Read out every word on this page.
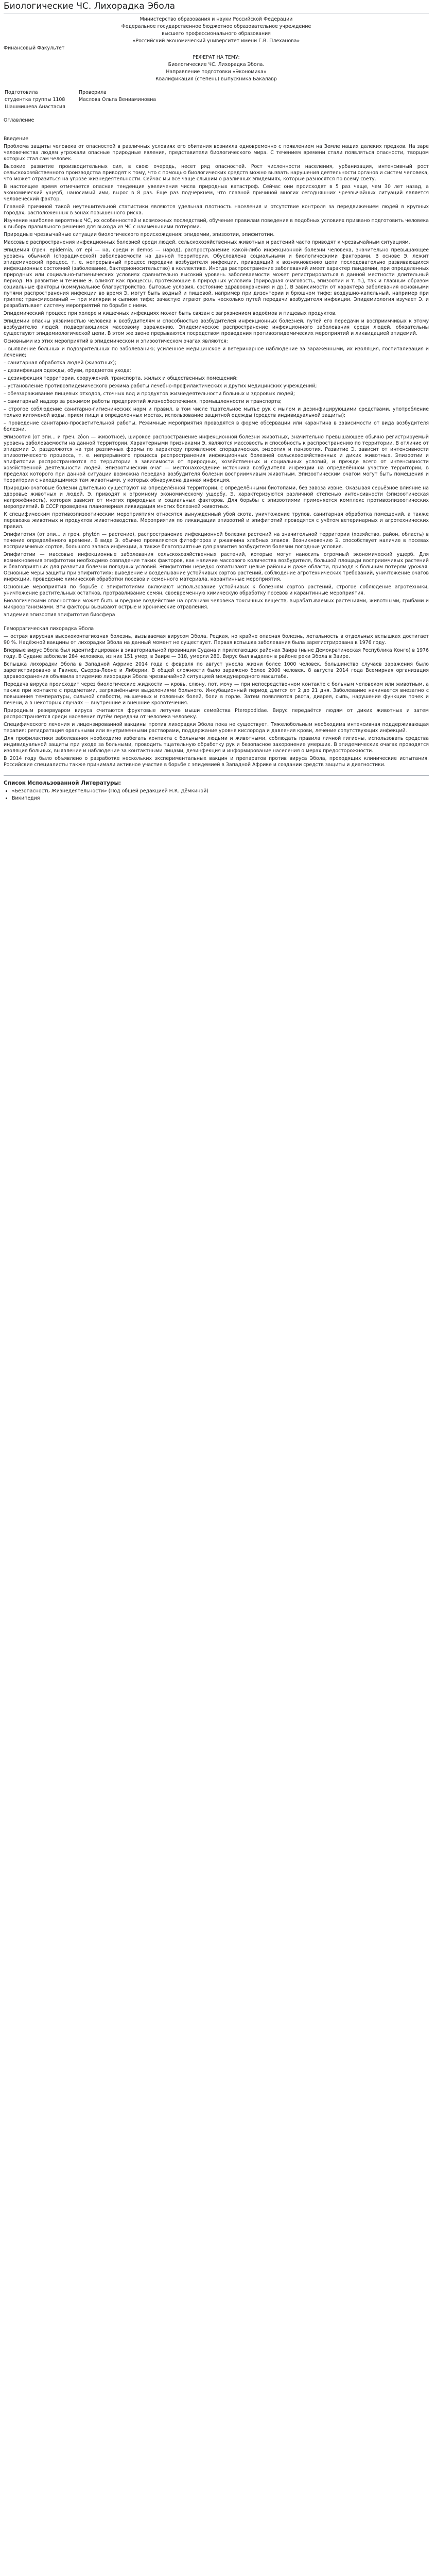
Биологические ЧС. Лихорадка Эбола

Министерство образования и науки Российской Федерации

Федеральное государственное бюджетное образовательное учреждение

высшего профессионального образования

«Российский экономический университет имени Г.В. Плеханова»

Финансовый Факультет

РЕФЕРАТ НА ТЕМУ:

Биологические ЧС. Лихорадка Эбола.

Направление подготовки «Экономика»

Квалификация (степень) выпускника Бакалавр

Подготовила

студентка группы 1108

Шашмишева Анастасия

Проверила

Маслова Ольга Вениаминовна

Оглавление

Введение

Проблема защиты человека от опасностей в различных условиях его обитания возникла одновременно с появлением на Земле наших далеких предков. На заре человечества людям угрожали опасные природные явления, представители биологического мира. С течением времени стали появляться опасности, творцом которых стал сам человек.

Высокие развитие производительных сил, в свою очередь, несет ряд опасностей. Рост численности населения, урбанизация, интенсивный рост сельскохозяйственного производства приводят к тому, что с помощью биологических средств можно вызвать нарушения деятельности органов и систем человека, что может отразиться на угрозе жизнедеятельности. Сейчас мы все чаще слышим о различных эпидемиях, которые разносятся по всему свету.

В настоящее время отмечается опасная тенденция увеличения числа природных катастроф. Сейчас они происходят в 5 раз чаще, чем 30 лет назад, а экономический ущерб, наносимый ими, вырос в 8 раз. Еще раз подчеркнем, что главной причиной многих сегодняшних чрезвычайных ситуаций является человеческий фактор.

Главной причиной такой неутешительной статистики являются удельная плотность населения и отсутствие контроля за передвижением людей в крупных городах, расположенных в зонах повышенного риска.

Изучение наиболее вероятных ЧС, их особенностей и возможных последствий, обучение правилам поведения в подобных условиях призвано подготовить человека к выбору правильного решения для выхода из ЧС с наименьшими потерями.

Природные чрезвычайные ситуации биологического происхождения: эпидемии, эпизоотии, эпифитотии.

Массовые распространения инфекционных болезней среди людей, сельскохозяйственных животных и растений часто приводят к чрезвычайным ситуациям.

Эпидемия (греч. epidemia, от epi — на, среди и demos — народ), распространение какой-либо инфекционной болезни человека, значительно превышающее уровень обычной (спорадической) заболеваемости на данной территории. Обусловлена социальными и биологическими факторами. В основе Э. лежит эпидемический процесс, т. е. непрерывный процесс передачи возбудителя инфекции, приводящий к возникновению цепи последовательно развивающихся инфекционных состояний (заболевание, бактерионосительство) в коллективе. Иногда распространение заболеваний имеет характер пандемии, при определенных природных или социально-гигиенических условиях сравнительно высокий уровень заболеваемости может регистрироваться в данной местности длительный период. На развитие и течение Э. влияют как процессы, протекающие в природных условиях (природная очаговость, эпизоотии и т. п.), так и главным образом социальные факторы (коммунальное благоустройство, бытовые условия, состояние здравоохранения и др.). В зависимости от характера заболевания основными путями распространения инфекции во время Э. могут быть водный и пищевой, например при дизентерии и брюшном тифе; воздушно-капельный, например при гриппе; трансмиссивный — при малярии и сыпном тифе; зачастую играют роль несколько путей передачи возбудителя инфекции. Эпидемиология изучает Э. и разрабатывает систему мероприятий по борьбе с ними.

Эпидемический процесс при холере и кишечных инфекциях может быть связан с загрязнением водоёмов и пищевых продуктов.

Эпидемии опасны уязвимостью человека к возбудителям и способностью возбудителей инфекционных болезней, путей его передачи и восприимчивых к этому возбудителю людей, подвергающихся массовому заражению. Эпидемическое распространение инфекционного заболевания среди людей, обязательны существуют эпидемиологической цепи. В этом же звене прерываются посредством проведения противоэпидемических мероприятий и ликвидацией эпидемий.

Основными из этих мероприятий в эпидемическом и эпизоотическом очагах являются:

– выявление больных и подозрительных по заболеванию; усиленное медицинское и ветеринарное наблюдение за зараженными, их изоляция, госпитализация и лечение;

– санитарная обработка людей (животных);

– дезинфекция одежды, обуви, предметов ухода;

– дезинфекция территории, сооружений, транспорта, жилых и общественных помещений;

– установление противоэпидемического режима работы лечебно-профилактических и других медицинских учреждений;

– обеззараживание пищевых отходов, сточных вод и продуктов жизнедеятельности больных и здоровых людей;

– санитарный надзор за режимом работы предприятий жизнеобеспечения, промышленности и транспорта;

– строгое соблюдение санитарно-гигиенических норм и правил, в том числе тщательное мытье рук с мылом и дезинфицирующими средствами, употребление только кипяченой воды, прием пищи в определенных местах, использование защитной одежды (средств индивидуальной защиты);

– проведение санитарно-просветительной работы. Режимные мероприятия проводятся в форме обсервации или карантина в зависимости от вида возбудителя болезни.

Эпизоотия (от эпи... и греч. zōon — животное), широкое распространение инфекционной болезни животных, значительно превышающее обычно регистрируемый уровень заболеваемости на данной территории. Характерными признаками Э. являются массовость и способность к распространению по территории. В отличие от эпидемии Э. разделяются на три различных формы по характеру проявления: спорадическая, энзоотия и панзоотия. Развитие Э. зависит от интенсивности эпизоотического процесса, т. е. непрерывного процесса распространения инфекционных болезней сельскохозяйственных и диких животных. Эпизоотии и эпифитотии распространяются по территории в зависимости от природных, хозяйственных и социальных условий, и прежде всего от интенсивности хозяйственной деятельности людей. Эпизоотический очаг — местонахождение источника возбудителя инфекции на определённом участке территории, в пределах которого при данной ситуации возможна передача возбудителя болезни восприимчивым животным. Эпизоотическим очагом могут быть помещения и территории с находящимися там животными, у которых обнаружена данная инфекция.

Природно-очаговые болезни длительно существуют на определённой территории, с определёнными биотопами, без завоза извне. Оказывая серьёзное влияние на здоровье животных и людей, Э. приводят к огромному экономическому ущербу. Э. характеризуются различной степенью интенсивности (эпизоотическая напряжённость), которая зависит от многих природных и социальных факторов. Для борьбы с эпизоотиями применяется комплекс противоэпизоотических мероприятий. В СССР проведена планомерная ликвидация многих болезней животных.

К специфическим противоэпизоотическим мероприятиям относятся вынужденный убой скота, уничтожение трупов, санитарная обработка помещений, а также перевозка животных и продуктов животноводства. Мероприятия по ликвидации эпизоотий и эпифитотий проводятся с учётом ветеринарных и агротехнических правил.

Эпифитотия (от эпи... и греч. phytón — растение), распространение инфекционной болезни растений на значительной территории (хозяйство, район, область) в течение определённого времени. В виде Э. обычно проявляются фитофтороз и ржавчина хлебных злаков. Возникновению Э. способствует наличие в посевах восприимчивых сортов, большого запаса инфекции, а также благоприятные для развития возбудителя болезни погодные условия.

Эпифитотии — массовые инфекционные заболевания сельскохозяйственных растений, которые могут наносить огромный экономический ущерб. Для возникновения эпифитотии необходимо совпадение таких факторов, как наличие массового количества возбудителя, большой площади восприимчивых растений и благоприятных для развития болезни погодных условий. Эпифитотии нередко охватывают целые районы и даже области, приводя к большим потерям урожая. Основные меры защиты при эпифитотиях: выведение и возделывание устойчивых сортов растений, соблюдение агротехнических требований, уничтожение очагов инфекции, проведение химической обработки посевов и семенного материала, карантинные мероприятия.

Основные мероприятия по борьбе с эпифитотиями включают использование устойчивых к болезням сортов растений, строгое соблюдение агротехники, уничтожение растительных остатков, протравливание семян, своевременную химическую обработку посевов и карантинные мероприятия.

Биологическими опасностями может быть и вредное воздействие на организм человека токсичных веществ, вырабатываемых растениями, животными, грибами и микроорганизмами. Эти факторы вызывают острые и хронические отравления.

эпидемия эпизоотия эпифитотия биосфера

Геморрагическая лихорадка Эбола

— острая вирусная высококонтагиозная болезнь, вызываемая вирусом Эбола. Редкая, но крайне опасная болезнь, летальность в отдельных вспышках достигает 90 %. Надёжной вакцины от лихорадки Эбола на данный момент не существует. Первая вспышка заболевания была зарегистрирована в 1976 году.

Впервые вирус Эбола был идентифицирован в экваториальной провинции Судана и прилегающих районах Заира (ныне Демократическая Республика Конго) в 1976 году. В Судане заболели 284 человека, из них 151 умер, в Заире — 318, умерли 280. Вирус был выделен в районе реки Эбола в Заире.

Вспышка лихорадки Эбола в Западной Африке 2014 года с февраля по август унесла жизни более 1000 человек, большинство случаев заражения было зарегистрировано в Гвинее, Сьерра-Леоне и Либерии. В общей сложности было заражено более 2000 человек. 8 августа 2014 года Всемирная организация здравоохранения объявила эпидемию лихорадки Эбола чрезвычайной ситуацией международного масштаба.

Передача вируса происходит через биологические жидкости — кровь, слюну, пот, мочу — при непосредственном контакте с больным человеком или животным, а также при контакте с предметами, загрязнёнными выделениями больного. Инкубационный период длится от 2 до 21 дня. Заболевание начинается внезапно с повышения температуры, сильной слабости, мышечных и головных болей, боли в горле. Затем появляются рвота, диарея, сыпь, нарушение функции почек и печени, а в некоторых случаях — внутренние и внешние кровотечения.

Природным резервуаром вируса считаются фруктовые летучие мыши семейства Pteropodidae. Вирус передаётся людям от диких животных и затем распространяется среди населения путём передачи от человека человеку.

Специфического лечения и лицензированной вакцины против лихорадки Эбола пока не существует. Тяжелобольным необходима интенсивная поддерживающая терапия: регидратация оральными или внутривенными растворами, поддержание уровня кислорода и давления крови, лечение сопутствующих инфекций.

Для профилактики заболевания необходимо избегать контакта с больными людьми и животными, соблюдать правила личной гигиены, использовать средства индивидуальной защиты при уходе за больными, проводить тщательную обработку рук и безопасное захоронение умерших. В эпидемических очагах проводятся изоляция больных, выявление и наблюдение за контактными лицами, дезинфекция и информирование населения о мерах предосторожности.

В 2014 году было объявлено о разработке нескольких экспериментальных вакцин и препаратов против вируса Эбола, проходящих клинические испытания. Российские специалисты также принимали активное участие в борьбе с эпидемией в Западной Африке и создании средств защиты и диагностики.

Список Использованной Литературы:
• «Безопасность Жизнедеятельности» (Под общей редакцией Н.К. Дёмкиной)
• Википедия
